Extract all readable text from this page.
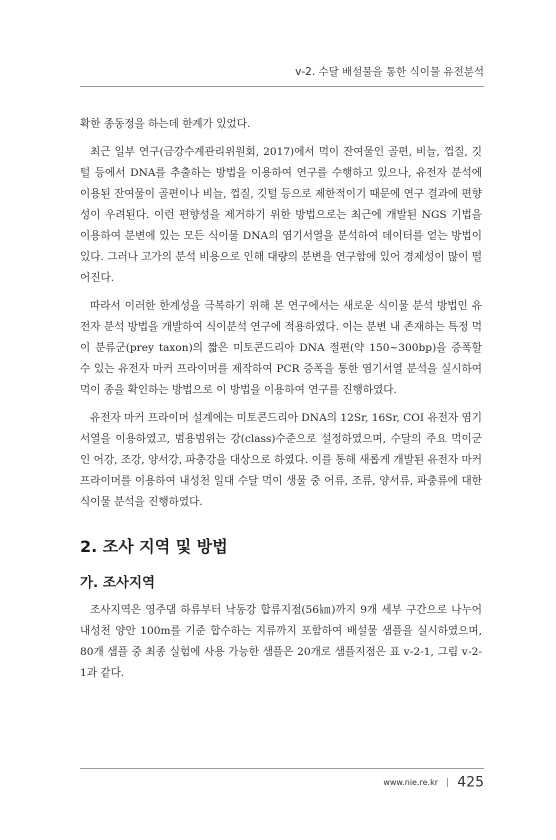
ⅴ-2. 수달 배설물을 통한 식이물 유전분석

확한 종동정을 하는데 한계가 있었다.

최근 일부 연구(금강수계관리위원회, 2017)에서 먹이 잔여물인 골편, 비늘, 껍질, 깃털 등에서 DNA를 추출하는 방법을 이용하여 연구를 수행하고 있으나, 유전자 분석에 이용된 잔여물이 골편이나 비늘, 껍질, 깃털 등으로 제한적이기 때문에 연구 결과에 편향성이 우려된다. 이런 편향성을 제거하기 위한 방법으로는 최근에 개발된 NGS 기법을 이용하여 분변에 있는 모든 식이물 DNA의 염기서열을 분석하여 데이터를 얻는 방법이 있다. 그러나 고가의 분석 비용으로 인해 대량의 분변을 연구함에 있어 경제성이 많이 떨어진다.

따라서 이러한 한계성을 극복하기 위해 본 연구에서는 새로운 식이물 분석 방법인 유전자 분석 방법을 개발하여 식이분석 연구에 적용하였다. 이는 분변 내 존재하는 특정 먹이 분류군(prey taxon)의 짧은 미토콘드리아 DNA 절편(약 150~300bp)을 증폭할 수 있는 유전자 마커 프라이머를 제작하여 PCR 증폭을 통한 염기서열 분석을 실시하여 먹이 종을 확인하는 방법으로 이 방법을 이용하여 연구를 진행하였다.

유전자 마커 프라이머 설계에는 미토콘드리아 DNA의 12Sr, 16Sr, COI 유전자 염기서열을 이용하였고, 범용범위는 강(class)수준으로 설정하였으며, 수달의 주요 먹이군인 어강, 조강, 양서강, 파충강을 대상으로 하였다. 이를 통해 새롭게 개발된 유전자 마커 프라이머를 이용하여 내성천 일대 수달 먹이 생물 중 어류, 조류, 양서류, 파충류에 대한 식이물 분석을 진행하였다.

2. 조사 지역 및 방법
가. 조사지역

조사지역은 영주댐 하류부터 낙동강 합류지점(56㎞)까지 9개 세부 구간으로 나누어 내성천 양안 100m를 기준 합수하는 지류까지 포함하여 배설물 샘플을 실시하였으며, 80개 샘플 중 최종 실험에 사용 가능한 샘플은 20개로 샘플지점은 표 ⅴ-2-1, 그림 ⅴ-2-1과 같다.

www.nie.re.kr | 425
